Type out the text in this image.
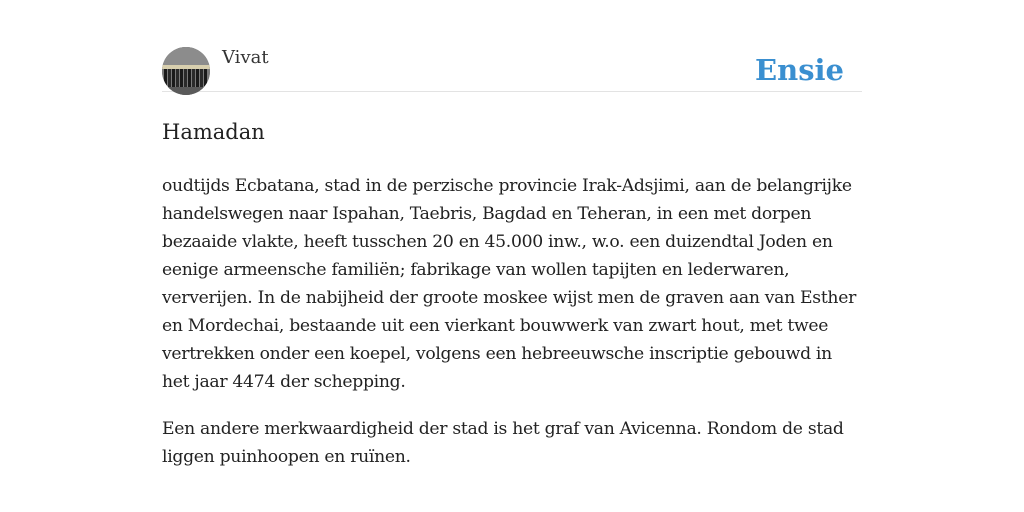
Vivat	Ensie
Hamadan

oudtijds Ecbatana, stad in de perzische provincie Irak-Adsjimi, aan de belangrijke handelswegen naar Ispahan, Taebris, Bagdad en Teheran, in een met dorpen bezaaide vlakte, heeft tusschen 20 en 45.000 inw., w.o. een duizendtal Joden en eenige armeensche familiën; fabrikage van wollen tapijten en lederwaren, ververijen. In de nabijheid der groote moskee wijst men de graven aan van Esther en Mordechai, bestaande uit een vierkant bouwwerk van zwart hout, met twee vertrekken onder een koepel, volgens een hebreeuwsche inscriptie gebouwd in het jaar 4474 der schepping.

Een andere merkwaardigheid der stad is het graf van Avicenna. Rondom de stad liggen puinhoopen en ruïnen.
